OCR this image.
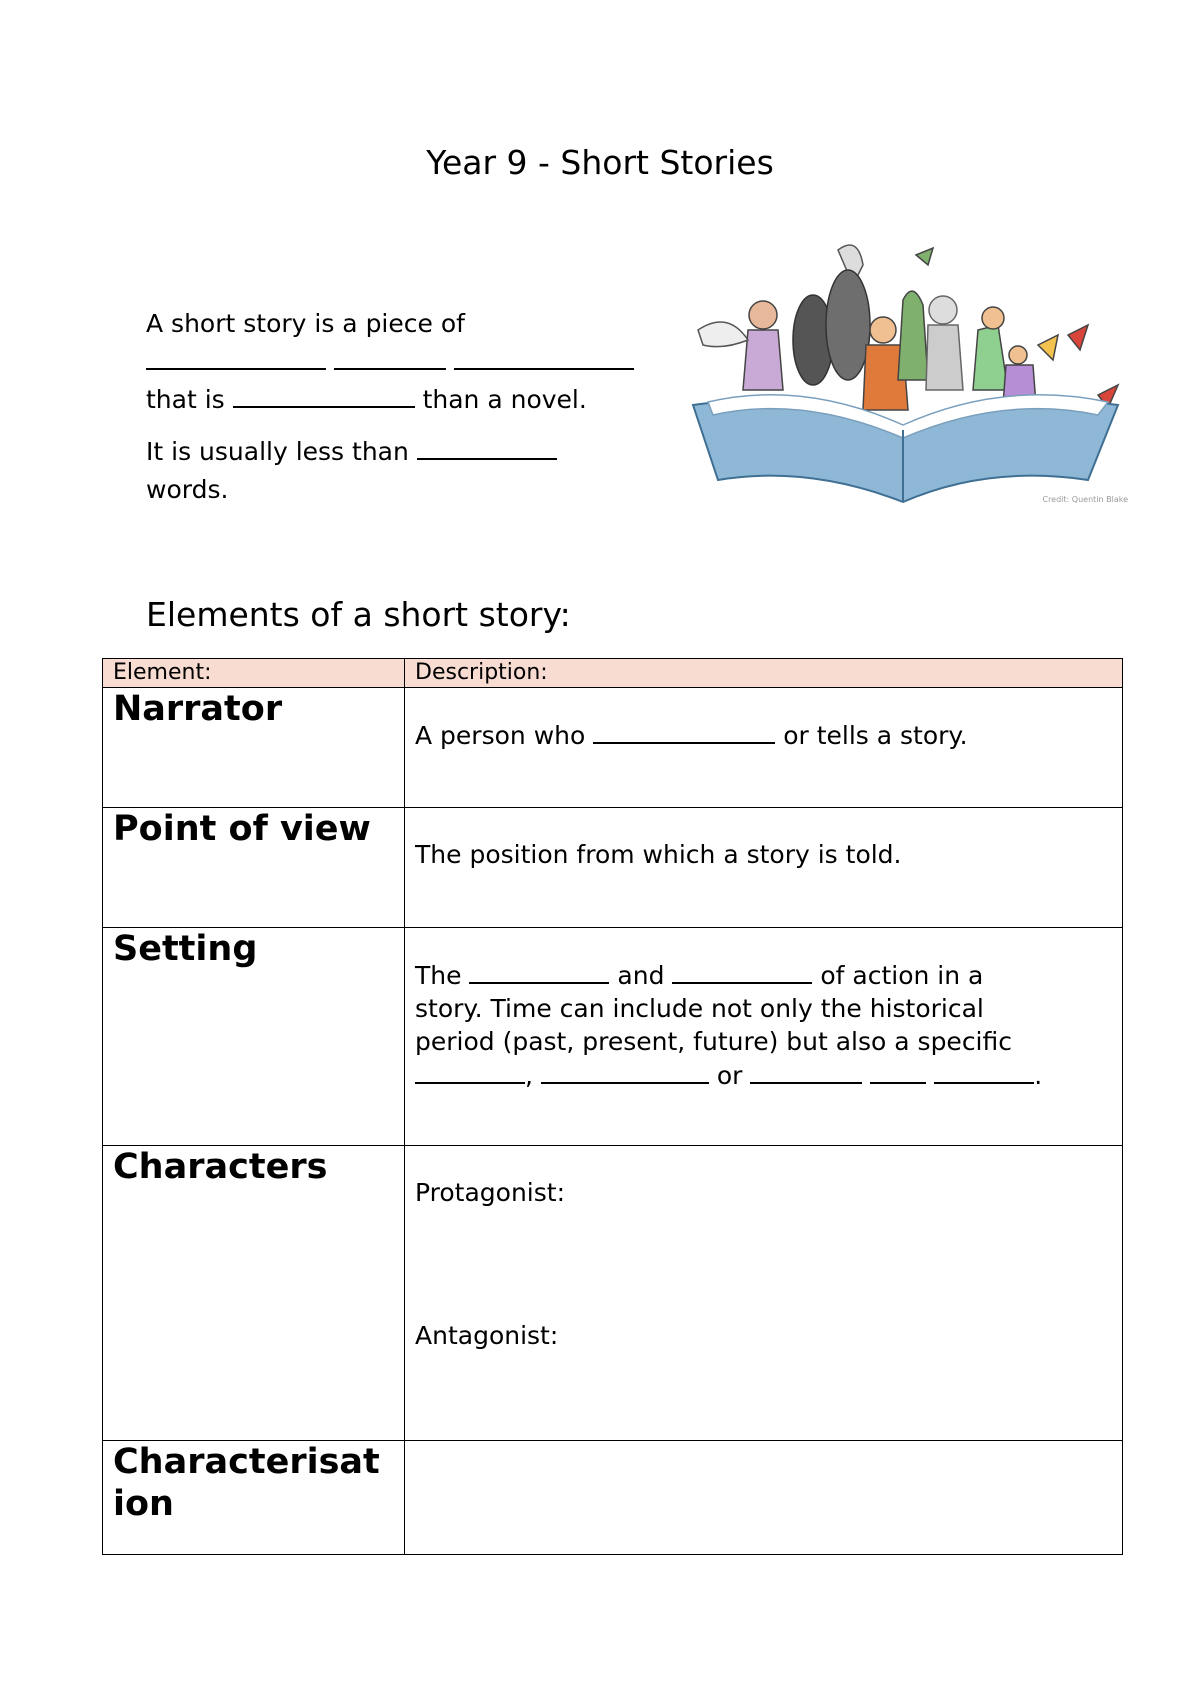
Year 9 - Short Stories

A short story is a piece of

that is	than a novel.

It is usually less than
words.	Credit: Quentin Blake
Elements of a short story:
Element:	Description:
Narrator	A person who or tells a story.

Point of view	The position from which a story is told.

Setting	The and of action in a
story. Time can include not only the historical
period (past, present, future) but also a specific
, or .

Characters	Protagonist:
Antagonist:

Characterisat ion	
